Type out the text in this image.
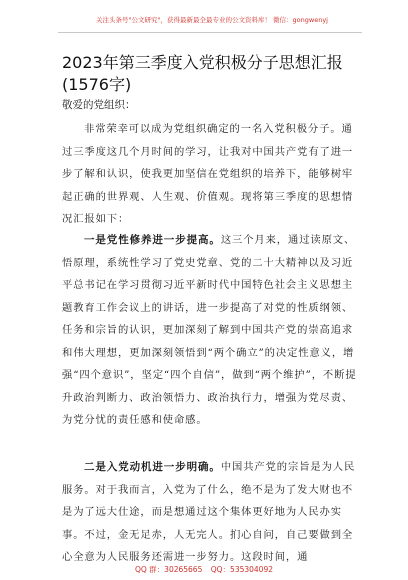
关注头条号"公文研究"，获得最新最全最专业的公文资料库！ 微信：gongwenyj
2023年第三季度入党积极分子思想汇报(1576字)
敬爱的党组织：

非常荣幸可以成为党组织确定的一名入党积极分子。通过三季度这几个月时间的学习，让我对中国共产党有了进一步了解和认识，使我更加坚信在党组织的培养下，能够树牢起正确的世界观、人生观、价值观。现将第三季度的思想情况汇报如下：

一是党性修养进一步提高。这三个月来，通过读原文、悟原理，系统性学习了党史党章、党的二十大精神以及习近平总书记在学习贯彻习近平新时代中国特色社会主义思想主题教育工作会议上的讲话，进一步提高了对党的性质纲领、任务和宗旨的认识，更加深刻了解到中国共产党的崇高追求和伟大理想，更加深刻领悟到“两个确立”的决定性意义，增强“四个意识”，坚定“四个自信”，做到“两个维护”，不断提升政治判断力、政治领悟力、政治执行力，增强为党尽责、为党分忧的责任感和使命感。

二是入党动机进一步明确。中国共产党的宗旨是为人民服务。对于我而言，入党为了什么，绝不是为了发大财也不是为了远大仕途，而是想通过这个集体更好地为人民办实事。不过，金无足赤，人无完人。扪心自问，自己要做到全心全意为人民服务还需进一步努力。这段时间，通

QQ 群：30265665 QQ：535304092
